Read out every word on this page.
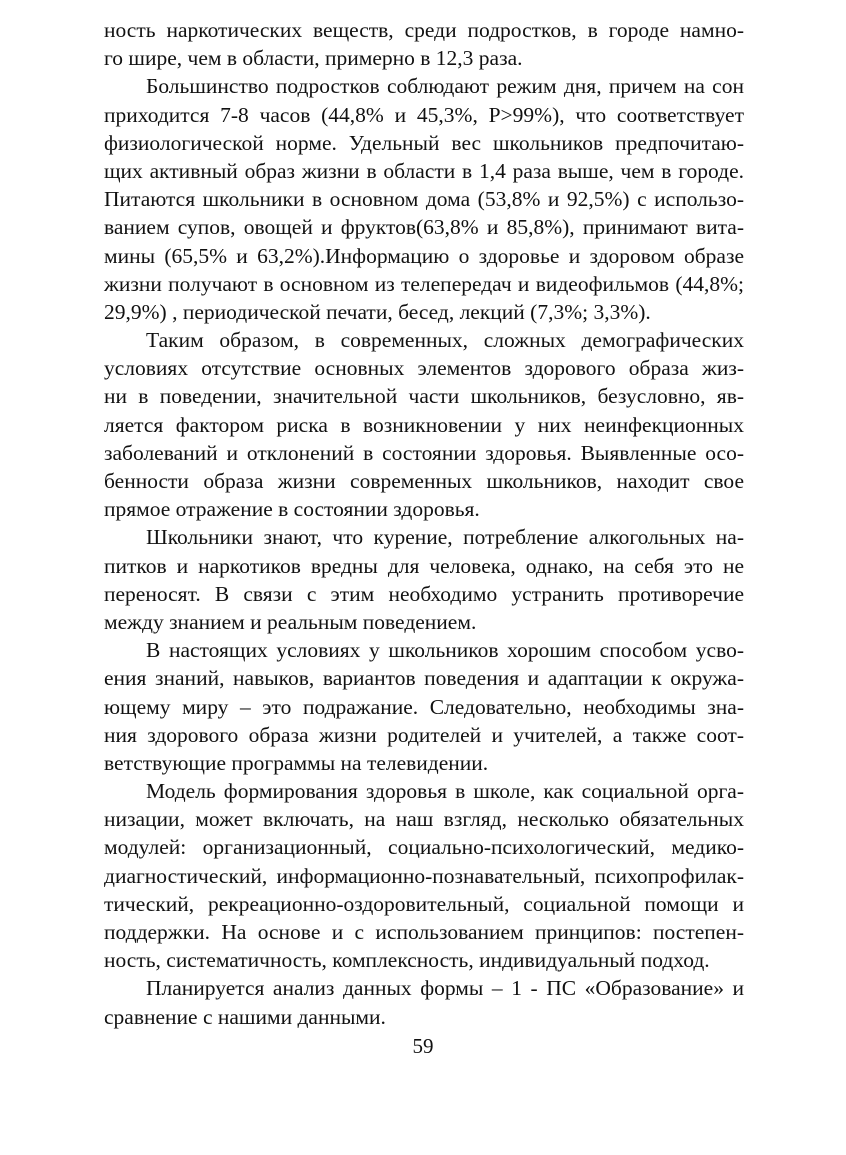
ность наркотических веществ, среди подростков, в городе намно-
го шире, чем в области, примерно в 12,3 раза.

Большинство подростков соблюдают режим дня, причем на сон
приходится 7-8 часов (44,8% и 45,3%, P>99%), что соответствует
физиологической норме. Удельный вес школьников предпочитаю-
щих активный образ жизни в области в 1,4 раза выше, чем в городе.
Питаются школьники в основном дома (53,8% и 92,5%) с использо-
ванием супов, овощей и фруктов(63,8% и 85,8%), принимают вита-
мины (65,5% и 63,2%).Информацию о здоровье и здоровом образе
жизни получают в основном из телепередач и видеофильмов (44,8%;
29,9%) , периодической печати, бесед, лекций (7,3%; 3,3%).

Таким образом, в современных, сложных демографических
условиях отсутствие основных элементов здорового образа жиз-
ни в поведении, значительной части школьников, безусловно, яв-
ляется фактором риска в возникновении у них неинфекционных
заболеваний и отклонений в состоянии здоровья. Выявленные осо-
бенности образа жизни современных школьников, находит свое
прямое отражение в состоянии здоровья.

Школьники знают, что курение, потребление алкогольных на-
питков и наркотиков вредны для человека, однако, на себя это не
переносят. В связи с этим необходимо устранить противоречие
между знанием и реальным поведением.

В настоящих условиях у школьников хорошим способом усво-
ения знаний, навыков, вариантов поведения и адаптации к окружа-
ющему миру – это подражание. Следовательно, необходимы зна-
ния здорового образа жизни родителей и учителей, а также соот-
ветствующие программы на телевидении.

Модель формирования здоровья в школе, как социальной орга-
низации, может включать, на наш взгляд, несколько обязательных
модулей: организационный, социально-психологический, медико-
диагностический, информационно-познавательный, психопрофилак-
тический, рекреационно-оздоровительный, социальной помощи и
поддержки. На основе и с использованием принципов: постепен-
ность, систематичность, комплексность, индивидуальный подход.

Планируется анализ данных формы – 1 - ПС «Образование» и
сравнение с нашими данными.

59
